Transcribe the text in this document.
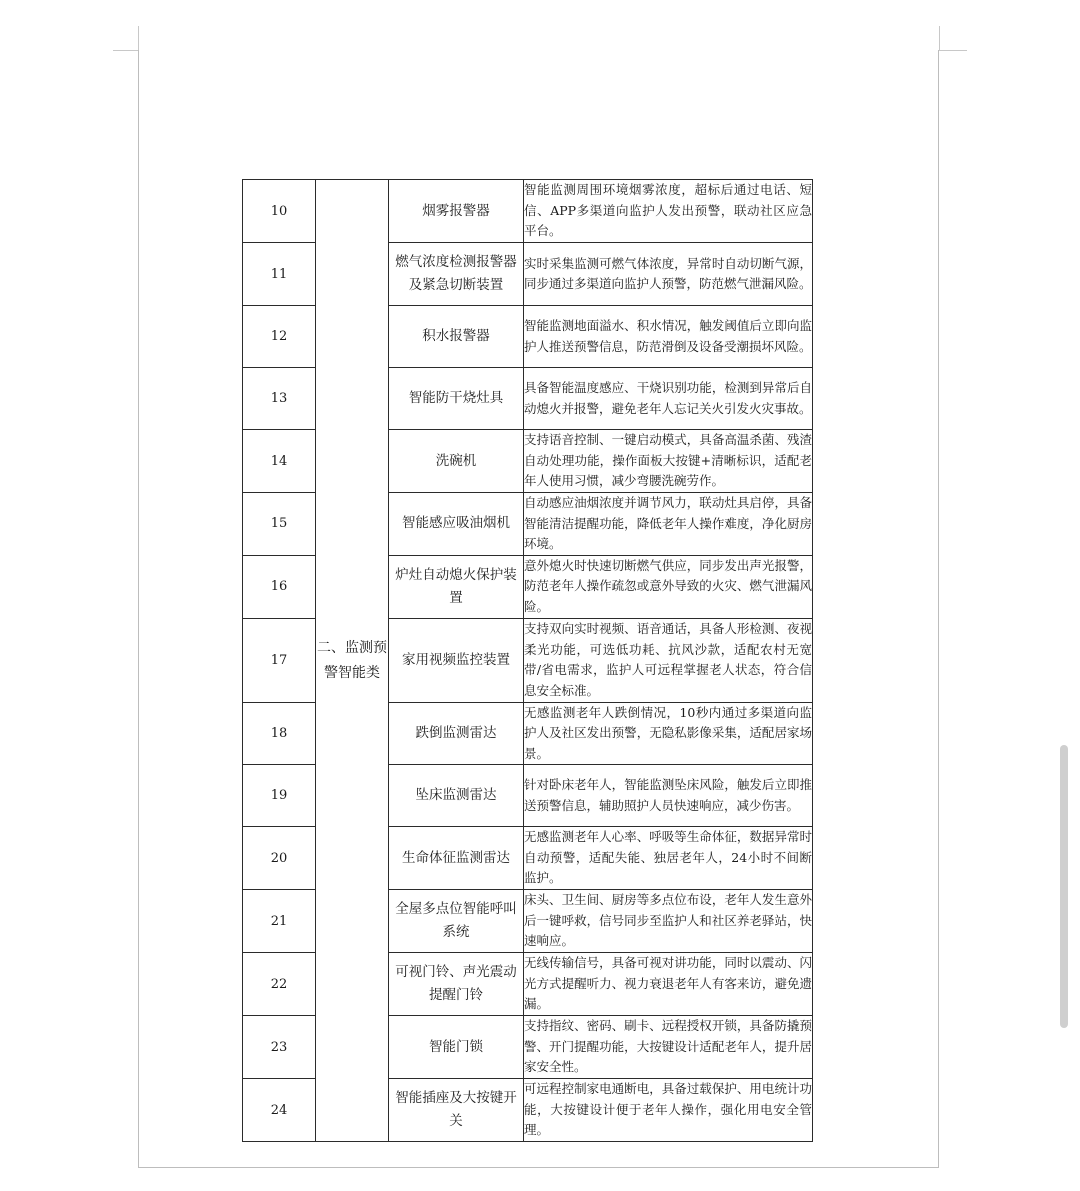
10	二、监测预警智能类	烟雾报警器	智能监测周围环境烟雾浓度，超标后通过电话、短信、APP多渠道向监护人发出预警，联动社区应急平台。
11		燃气浓度检测报警器及紧急切断装置	实时采集监测可燃气体浓度，异常时自动切断气源，同步通过多渠道向监护人预警，防范燃气泄漏风险。
12		积水报警器	智能监测地面溢水、积水情况，触发阈值后立即向监护人推送预警信息，防范滑倒及设备受潮损坏风险。
13		智能防干烧灶具	具备智能温度感应、干烧识别功能，检测到异常后自动熄火并报警，避免老年人忘记关火引发火灾事故。
14		洗碗机	支持语音控制、一键启动模式，具备高温杀菌、残渣自动处理功能，操作面板大按键+清晰标识，适配老年人使用习惯，减少弯腰洗碗劳作。
15		智能感应吸油烟机	自动感应油烟浓度并调节风力，联动灶具启停，具备智能清洁提醒功能，降低老年人操作难度，净化厨房环境。
16		炉灶自动熄火保护装置	意外熄火时快速切断燃气供应，同步发出声光报警，防范老年人操作疏忽或意外导致的火灾、燃气泄漏风险。
17		家用视频监控装置	支持双向实时视频、语音通话，具备人形检测、夜视柔光功能，可选低功耗、抗风沙款，适配农村无宽带/省电需求，监护人可远程掌握老人状态，符合信息安全标准。
18		跌倒监测雷达	无感监测老年人跌倒情况，10秒内通过多渠道向监护人及社区发出预警，无隐私影像采集，适配居家场景。
19		坠床监测雷达	针对卧床老年人，智能监测坠床风险，触发后立即推送预警信息，辅助照护人员快速响应，减少伤害。
20		生命体征监测雷达	无感监测老年人心率、呼吸等生命体征，数据异常时自动预警，适配失能、独居老年人，24小时不间断监护。
21		全屋多点位智能呼叫系统	床头、卫生间、厨房等多点位布设，老年人发生意外后一键呼救，信号同步至监护人和社区养老驿站，快速响应。
22		可视门铃、声光震动提醒门铃	无线传输信号，具备可视对讲功能，同时以震动、闪光方式提醒听力、视力衰退老年人有客来访，避免遗漏。
23		智能门锁	支持指纹、密码、刷卡、远程授权开锁，具备防撬预警、开门提醒功能，大按键设计适配老年人，提升居家安全性。
24		智能插座及大按键开关	可远程控制家电通断电，具备过载保护、用电统计功能，大按键设计便于老年人操作，强化用电安全管理。
